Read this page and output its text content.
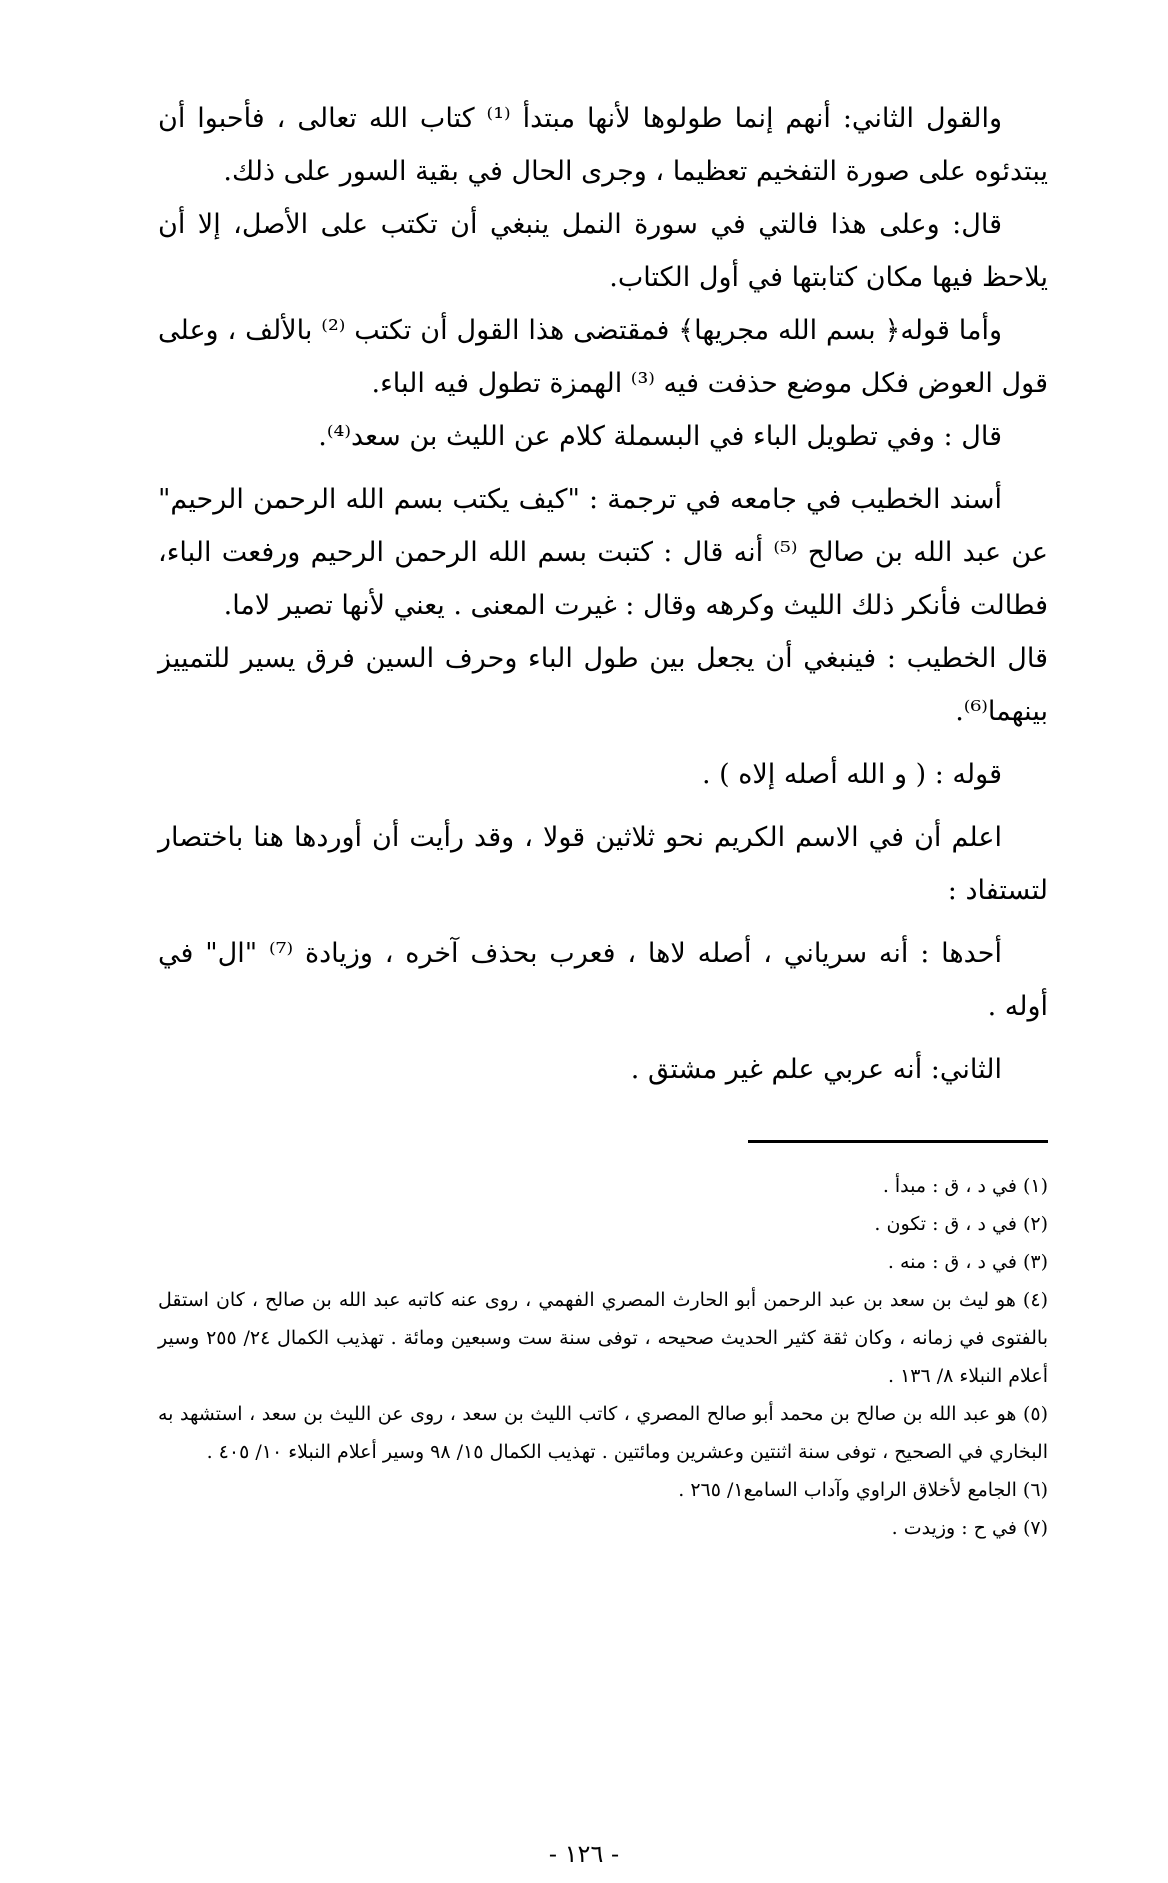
والقول الثاني: أنهم إنما طولوها لأنها مبتدأ ⁽¹⁾ كتاب الله تعالى ، فأحبوا أن يبتدئوه على صورة التفخيم تعظيما ، وجرى الحال في بقية السور على ذلك.

قال: وعلى هذا فالتي في سورة النمل ينبغي أن تكتب على الأصل، إلا أن يلاحظ فيها مكان كتابتها في أول الكتاب.

وأما قوله﴿ بسم الله مجريها﴾ فمقتضى هذا القول أن تكتب ⁽²⁾ بالألف ، وعلى قول العوض فكل موضع حذفت فيه ⁽³⁾ الهمزة تطول فيه الباء.

قال : وفي تطويل الباء في البسملة كلام عن الليث بن سعد⁽⁴⁾.

أسند الخطيب في جامعه في ترجمة : "كيف يكتب بسم الله الرحمن الرحيم" عن عبد الله بن صالح ⁽⁵⁾ أنه قال : كتبت بسم الله الرحمن الرحيم ورفعت الباء، فطالت فأنكر ذلك الليث وكرهه وقال : غيرت المعنى . يعني لأنها تصير لاما.

قال الخطيب : فينبغي أن يجعل بين طول الباء وحرف السين فرق يسير للتمييز بينهما⁽⁶⁾.

قوله : ( و الله أصله إلاه ) .

اعلم أن في الاسم الكريم نحو ثلاثين قولا ، وقد رأيت أن أوردها هنا باختصار لتستفاد :

أحدها : أنه سرياني ، أصله لاها ، فعرب بحذف آخره ، وزيادة ⁽⁷⁾ "ال" في أوله .

الثاني: أنه عربي علم غير مشتق .

(١) في د ، ق : مبدأ .

(٢) في د ، ق : تكون .

(٣) في د ، ق : منه .

(٤) هو ليث بن سعد بن عبد الرحمن أبو الحارث المصري الفهمي ، روى عنه كاتبه عبد الله بن صالح ، كان استقل بالفتوى في زمانه ، وكان ثقة كثير الحديث صحيحه ، توفى سنة ست وسبعين ومائة . تهذيب الكمال ٢٤/ ٢٥٥ وسير أعلام النبلاء ٨/ ١٣٦ .

(٥) هو عبد الله بن صالح بن محمد أبو صالح المصري ، كاتب الليث بن سعد ، روى عن الليث بن سعد ، استشهد به البخاري في الصحيح ، توفى سنة اثنتين وعشرين ومائتين . تهذيب الكمال ١٥/ ٩٨ وسير أعلام النبلاء ١٠/ ٤٠٥ .

(٦) الجامع لأخلاق الراوي وآداب السامع١/ ٢٦٥ .

(٧) في ح : وزيدت .

- ١٢٦ -
